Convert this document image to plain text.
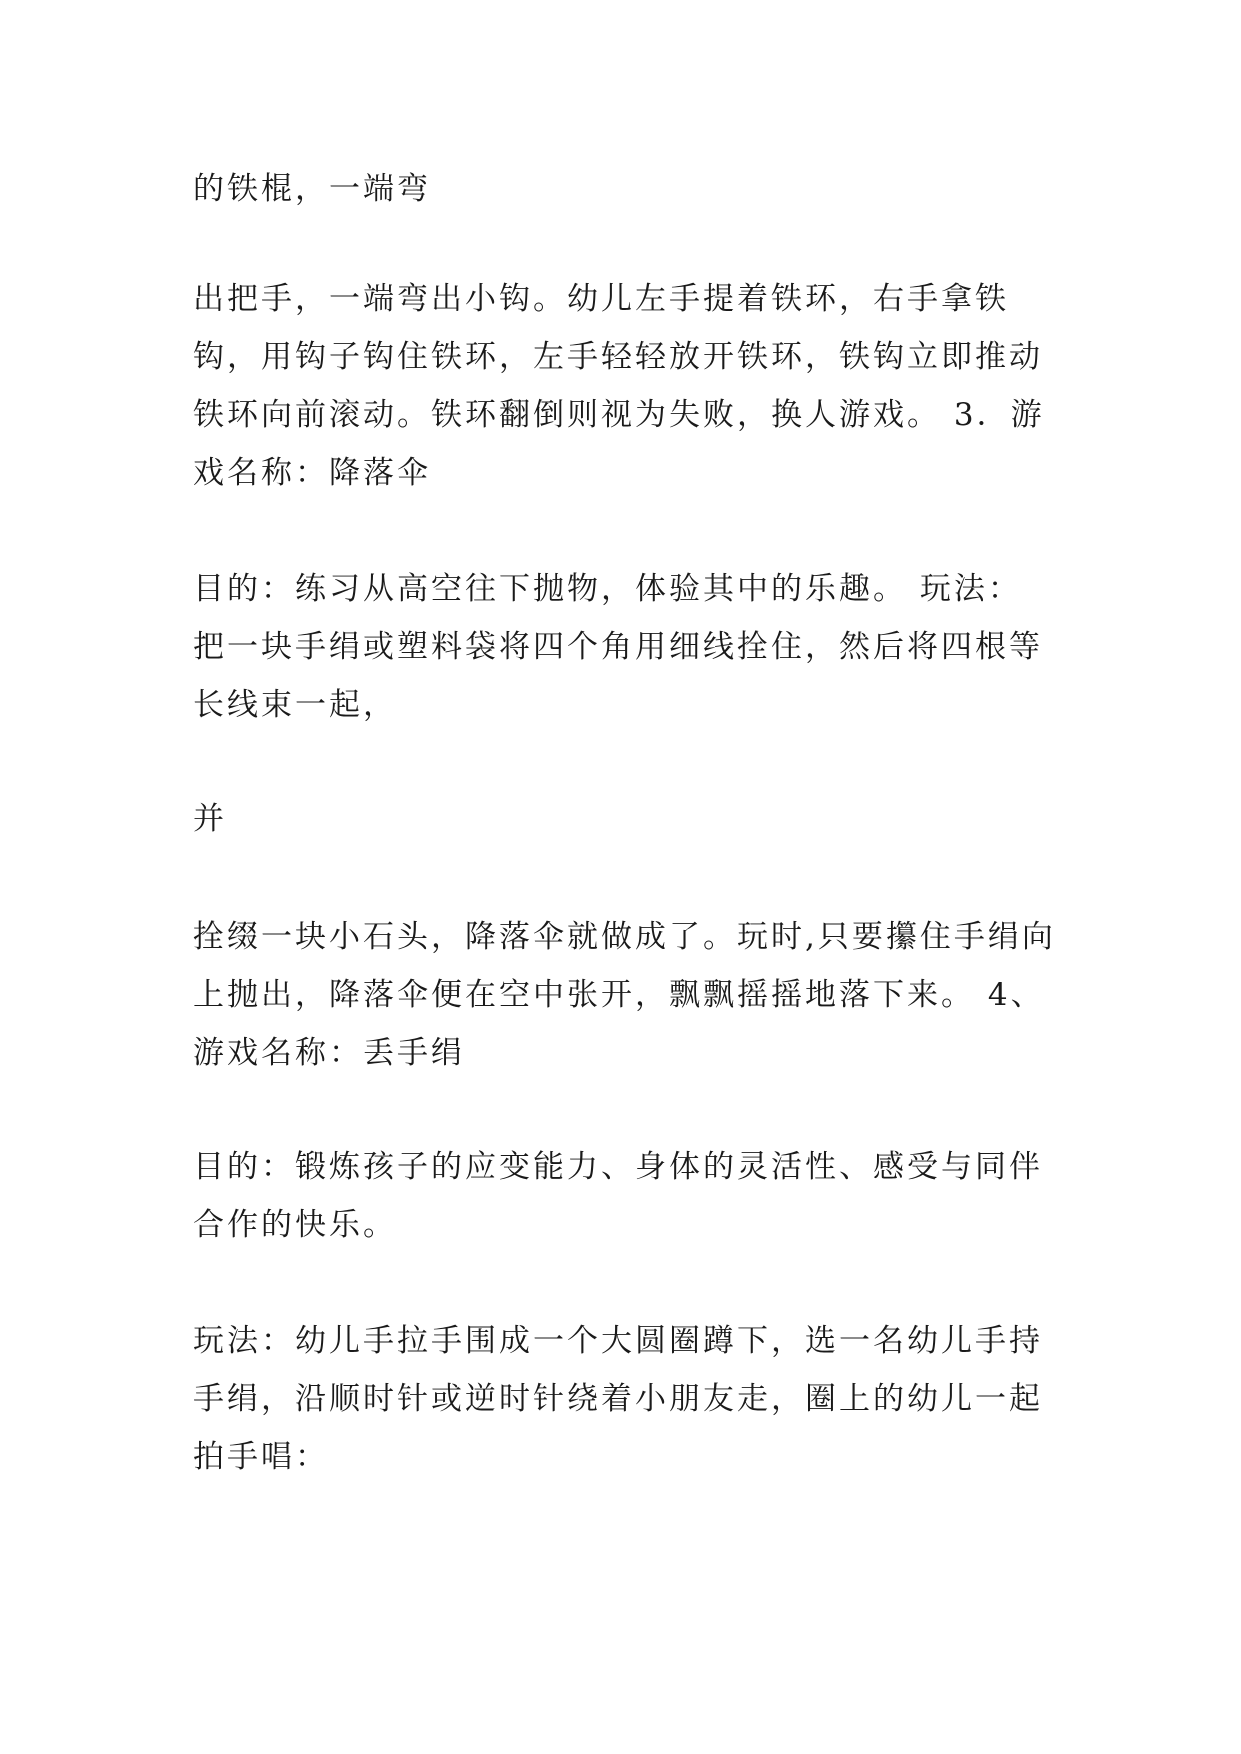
的铁棍，一端弯

出把手，一端弯出小钩。幼儿左手提着铁环，右手拿铁钩，用钩子钩住铁环，左手轻轻放开铁环，铁钩立即推动铁环向前滚动。铁环翻倒则视为失败，换人游戏。 3．游戏名称：降落伞

目的：练习从高空往下抛物，体验其中的乐趣。 玩法： 把一块手绢或塑料袋将四个角用细线拴住，然后将四根等长线束一起，

并

拴缀一块小石头，降落伞就做成了。玩时,只要攥住手绢向上抛出，降落伞便在空中张开，飘飘摇摇地落下来。 4、游戏名称：丢手绢

目的：锻炼孩子的应变能力、身体的灵活性、感受与同伴合作的快乐。

玩法：幼儿手拉手围成一个大圆圈蹲下，选一名幼儿手持手绢，沿顺时针或逆时针绕着小朋友走，圈上的幼儿一起拍手唱：
